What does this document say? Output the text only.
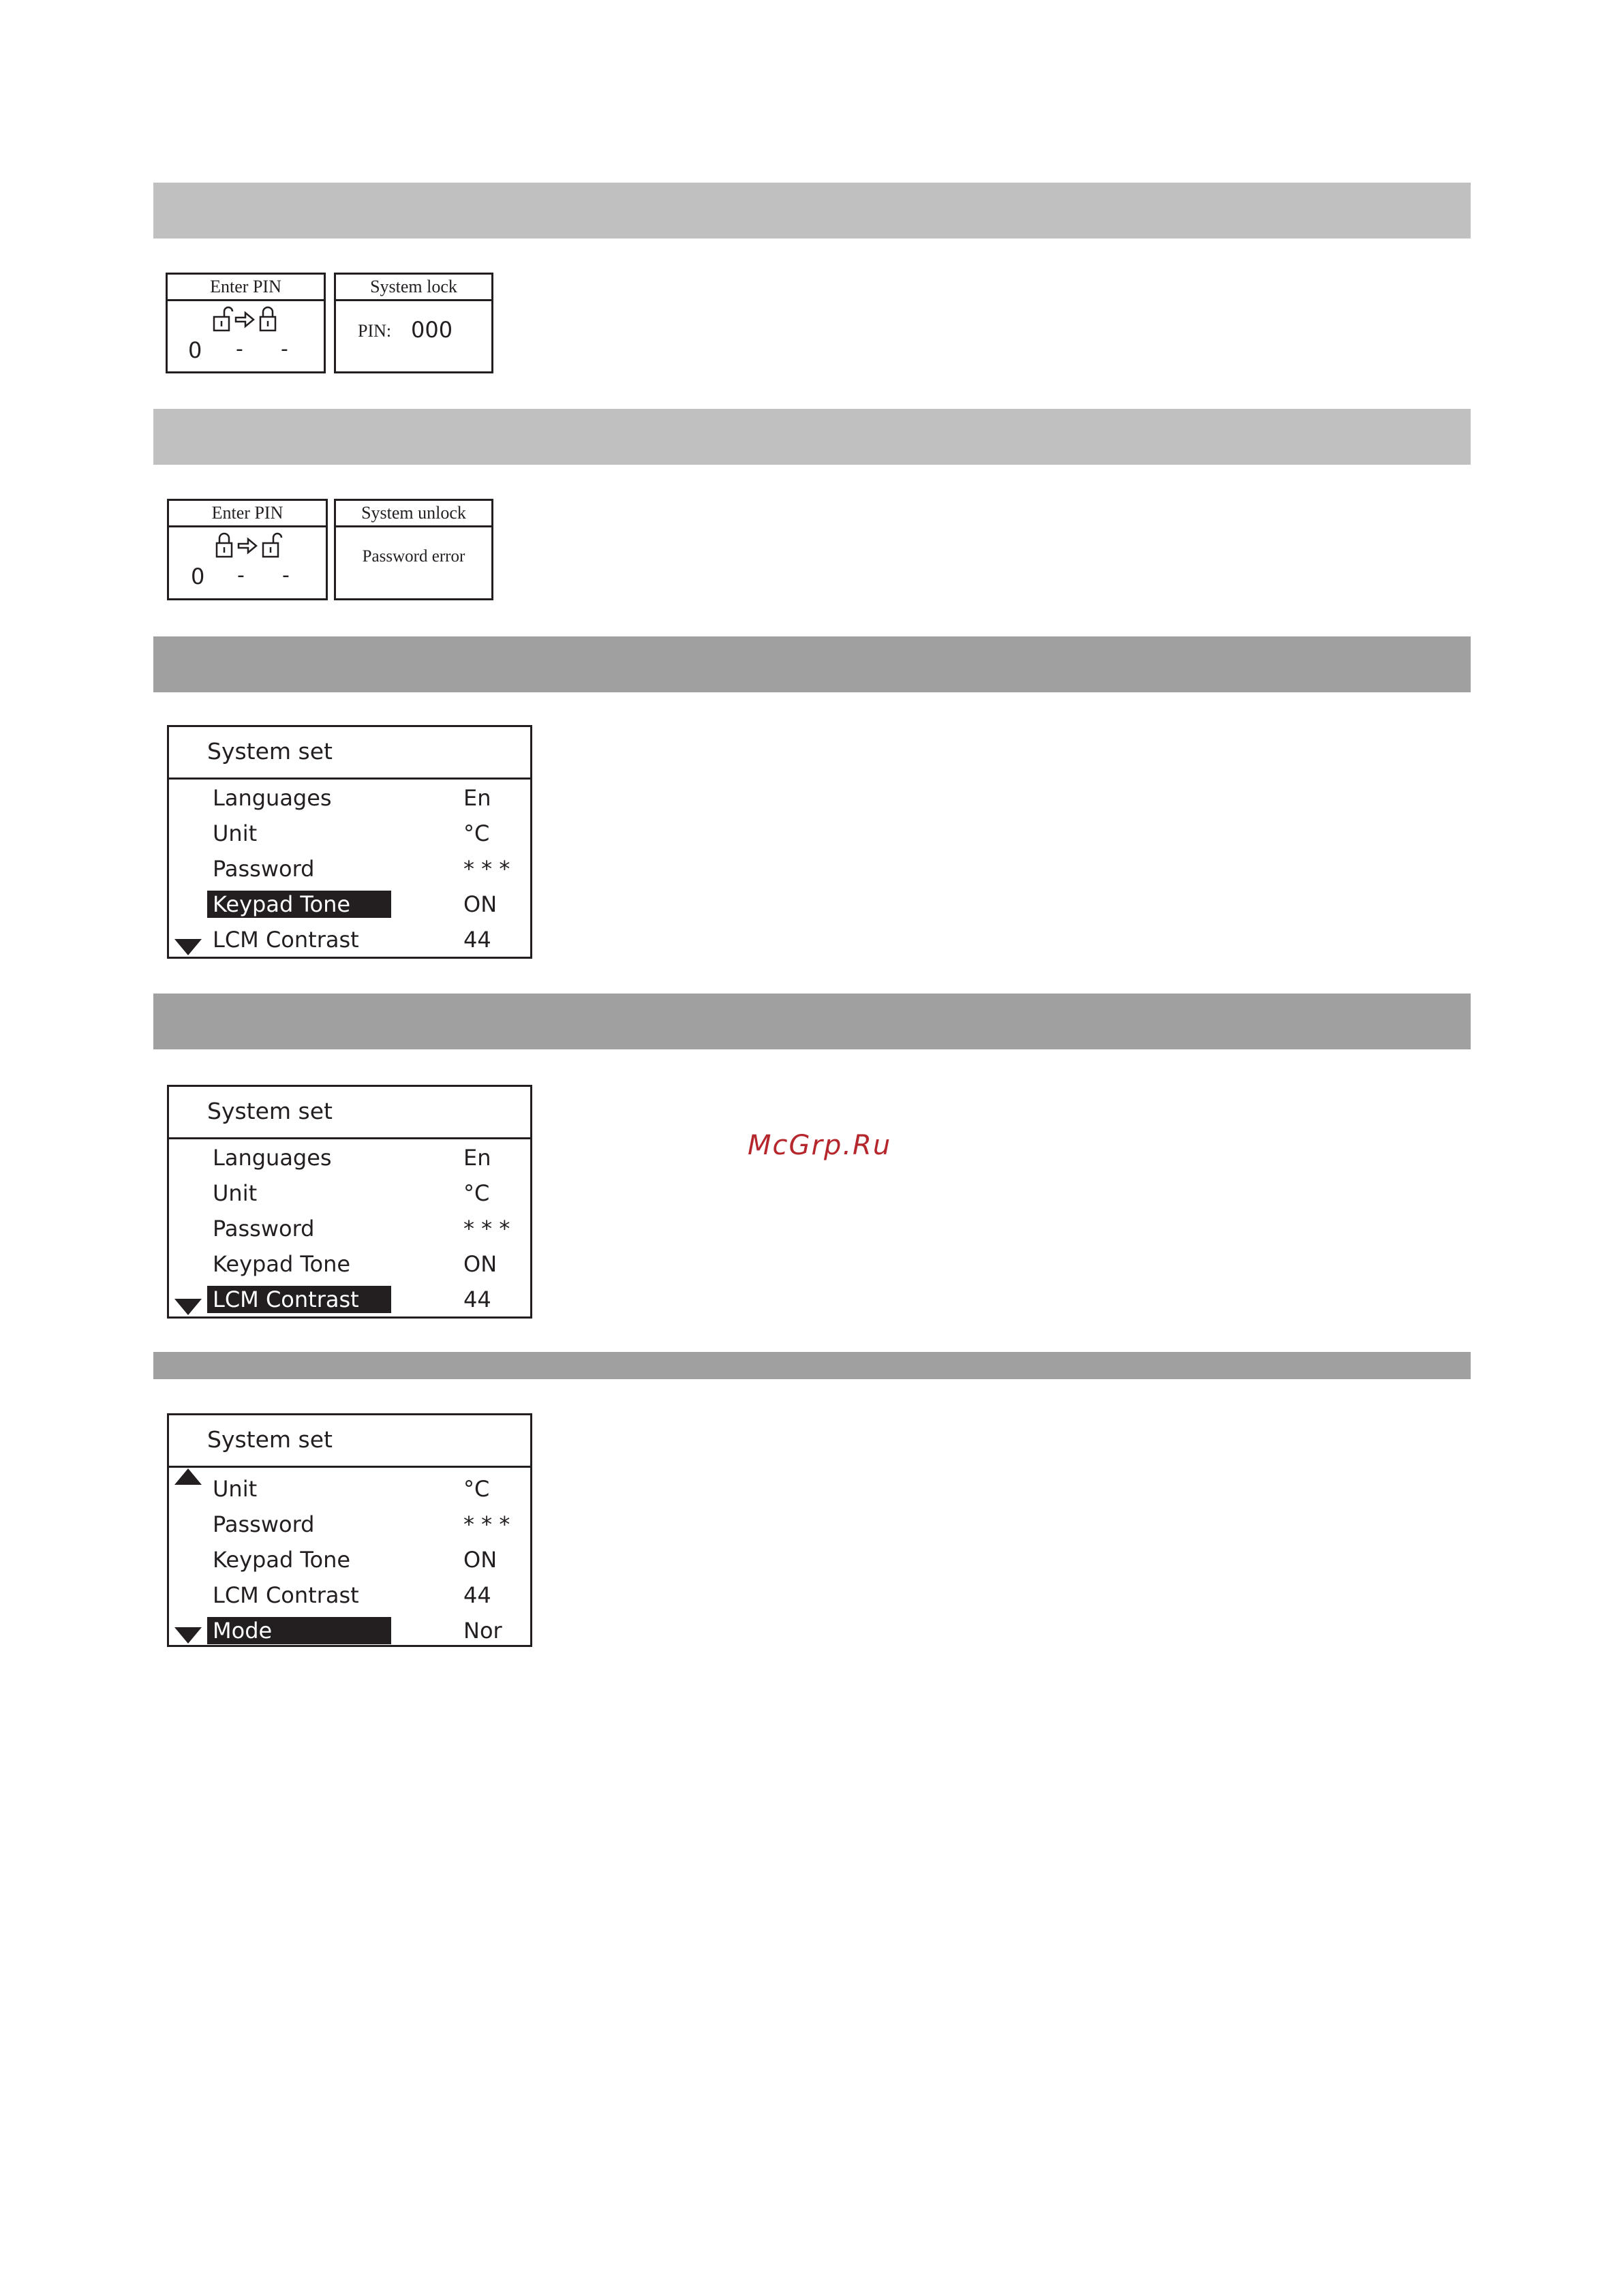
Enter PIN
0 - -
System lock
PIN: 000
Enter PIN
0 - -
System unlock
Password error
System set
Languages	En
Unit	°C
Password	* * *
Keypad Tone	ON
LCM Contrast	44
System set
Languages	En
Unit	°C
Password	* * *
Keypad Tone	ON
LCM Contrast	44
System set
Unit	°C
Password	* * *
Keypad Tone	ON
LCM Contrast	44
Mode	Nor
McGrp.Ru
